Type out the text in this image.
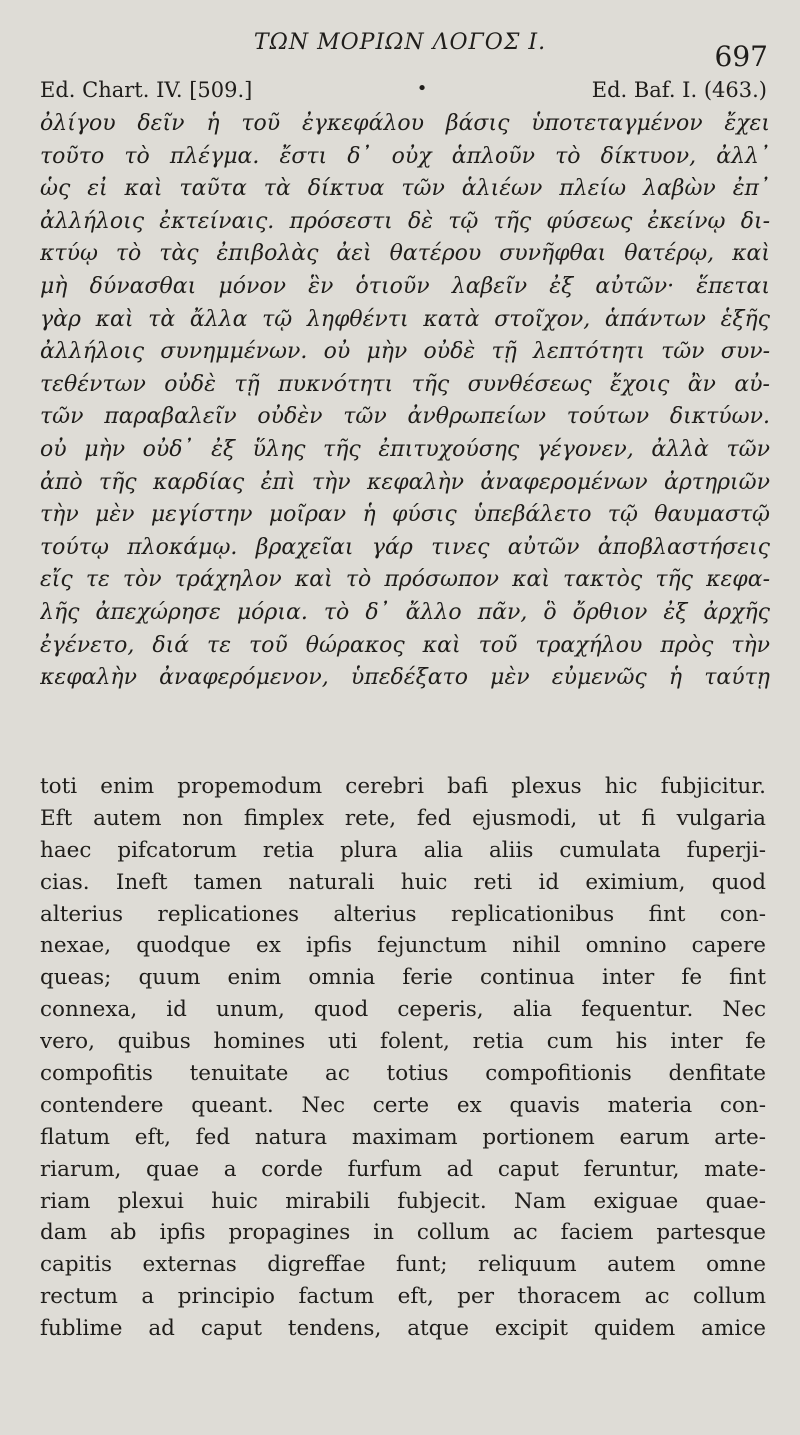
ΤΩΝ ΜΟΡΙΩΝ ΛΟΓΟΣ Ι.	697
Ed. Chart. IV. [509.]	•	Ed. Baf. I. (463.)
ὀλίγου δεῖν ἡ τοῦ ἐγκεφάλου βάσις ὑποτεταγμένον ἔχει
τοῦτο τὸ πλέγμα. ἔστι δ᾽ οὐχ ἁπλοῦν τὸ δίκτυον, ἀλλ᾽
ὡς εἰ καὶ ταῦτα τὰ δίκτυα τῶν ἁλιέων πλείω λαβὼν ἐπ᾽
ἀλλήλοις ἐκτείναις. πρόσεστι δὲ τῷ τῆς φύσεως ἐκείνῳ δι-
κτύῳ τὸ τὰς ἐπιβολὰς ἀεὶ θατέρου συνῆφθαι θατέρῳ, καὶ
μὴ δύνασθαι μόνον ἓν ὁτιοῦν λαβεῖν ἐξ αὐτῶν· ἕπεται
γὰρ καὶ τὰ ἄλλα τῷ ληφθέντι κατὰ στοῖχον, ἁπάντων ἑξῆς
ἀλλήλοις συνημμένων. οὐ μὴν οὐδὲ τῇ λεπτότητι τῶν συν-
τεθέντων οὐδὲ τῇ πυκνότητι τῆς συνθέσεως ἔχοις ἂν αὐ-
τῶν παραβαλεῖν οὐδὲν τῶν ἀνθρωπείων τούτων δικτύων.
οὐ μὴν οὐδ᾽ ἐξ ὕλης τῆς ἐπιτυχούσης γέγονεν, ἀλλὰ τῶν
ἀπὸ τῆς καρδίας ἐπὶ τὴν κεφαλὴν ἀναφερομένων ἀρτηριῶν
τὴν μὲν μεγίστην μοῖραν ἡ φύσις ὑπεβάλετο τῷ θαυμαστῷ
τούτῳ πλοκάμῳ. βραχεῖαι γάρ τινες αὐτῶν ἀποβλαστήσεις
εἴς τε τὸν τράχηλον καὶ τὸ πρόσωπον καὶ τακτὸς τῆς κεφα-
λῆς ἀπεχώρησε μόρια. τὸ δ᾽ ἄλλο πᾶν, ὃ ὄρθιον ἐξ ἀρχῆς
ἐγένετο, διά τε τοῦ θώρακος καὶ τοῦ τραχήλου πρὸς τὴν
κεφαλὴν ἀναφερόμενον, ὑπεδέξατο μὲν εὐμενῶς ἡ ταύτῃ
toti enim propemodum cerebri bafi plexus hic fubjicitur.
Eft autem non fimplex rete, fed ejusmodi, ut fi vulgaria
haec pifcatorum retia plura alia aliis cumulata fuperji-
cias. Ineft tamen naturali huic reti id eximium, quod
alterius replicationes alterius replicationibus fint con-
nexae, quodque ex ipfis fejunctum nihil omnino capere
queas; quum enim omnia ferie continua inter fe fint
connexa, id unum, quod ceperis, alia fequentur. Nec
vero, quibus homines uti folent, retia cum his inter fe
compofitis tenuitate ac totius compofitionis denfitate
contendere queant. Nec certe ex quavis materia con-
flatum eft, fed natura maximam portionem earum arte-
riarum, quae a corde furfum ad caput feruntur, mate-
riam plexui huic mirabili fubjecit. Nam exiguae quae-
dam ab ipfis propagines in collum ac faciem partesque
capitis externas digreffae funt; reliquum autem omne
rectum a principio factum eft, per thoracem ac collum
fublime ad caput tendens, atque excipit quidem amice
